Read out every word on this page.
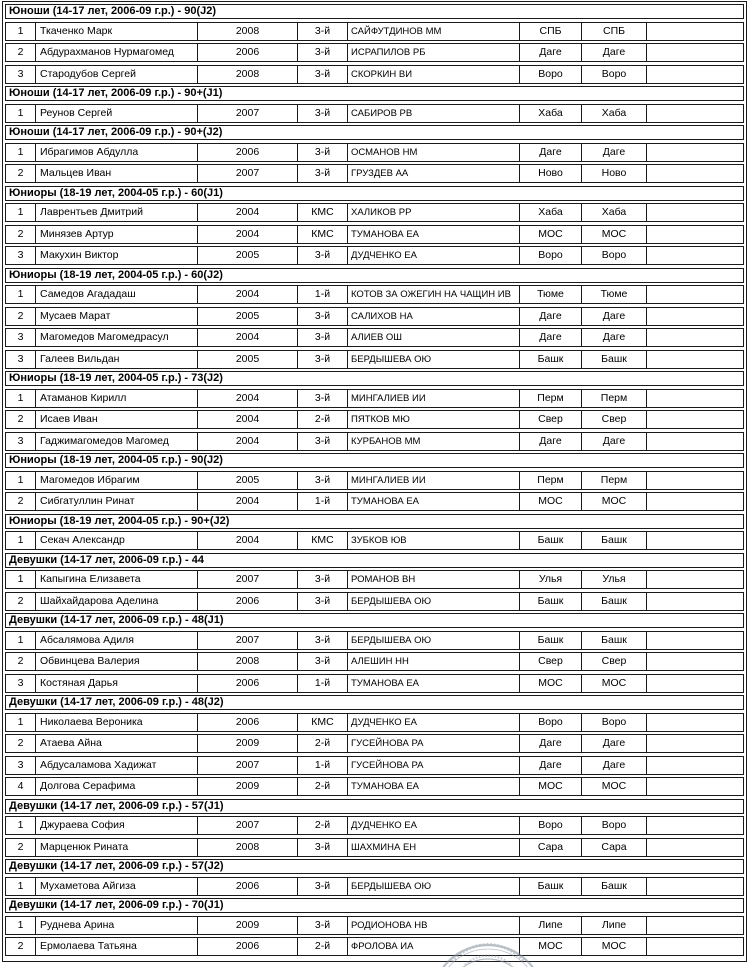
Юноши (14-17 лет, 2006-09 г.р.) - 90(J2)
1	Ткаченко Марк	2008	3-й	САЙФУТДИНОВ ММ	СПБ	СПБ
2	Абдурахманов Нурмагомед	2006	3-й	ИСРАПИЛОВ РБ	Даге	Даге
3	Стародубов Сергей	2008	3-й	СКОРКИН ВИ	Воро	Воро
Юноши (14-17 лет, 2006-09 г.р.) - 90+(J1)
1	Реунов Сергей	2007	3-й	САБИРОВ РВ	Хаба	Хаба
Юноши (14-17 лет, 2006-09 г.р.) - 90+(J2)
1	Ибрагимов Абдулла	2006	3-й	ОСМАНОВ НМ	Даге	Даге
2	Мальцев Иван	2007	3-й	ГРУЗДЕВ АА	Ново	Ново
Юниоры (18-19 лет, 2004-05 г.р.) - 60(J1)
1	Лаврентьев Дмитрий	2004	КМС	ХАЛИКОВ РР	Хаба	Хаба
2	Минязев Артур	2004	КМС	ТУМАНОВА ЕА	МОС	МОС
3	Макухин Виктор	2005	3-й	ДУДЧЕНКО ЕА	Воро	Воро
Юниоры (18-19 лет, 2004-05 г.р.) - 60(J2)
1	Самедов Агададаш	2004	1-й	КОТОВ ЗА ОЖЕГИН НА ЧАЩИН ИВ	Тюме	Тюме
2	Мусаев Марат	2005	3-й	САЛИХОВ НА	Даге	Даге
3	Магомедов Магомедрасул	2004	3-й	АЛИЕВ ОШ	Даге	Даге
3	Галеев Вильдан	2005	3-й	БЕРДЫШЕВА ОЮ	Башк	Башк
Юниоры (18-19 лет, 2004-05 г.р.) - 73(J2)
1	Атаманов Кирилл	2004	3-й	МИНГАЛИЕВ ИИ	Перм	Перм
2	Исаев Иван	2004	2-й	ПЯТКОВ МЮ	Свер	Свер
3	Гаджимагомедов Магомед	2004	3-й	КУРБАНОВ ММ	Даге	Даге
Юниоры (18-19 лет, 2004-05 г.р.) - 90(J2)
1	Магомедов Ибрагим	2005	3-й	МИНГАЛИЕВ ИИ	Перм	Перм
2	Сибгатуллин Ринат	2004	1-й	ТУМАНОВА ЕА	МОС	МОС
Юниоры (18-19 лет, 2004-05 г.р.) - 90+(J2)
1	Секач Александр	2004	КМС	ЗУБКОВ ЮВ	Башк	Башк
Девушки (14-17 лет, 2006-09 г.р.) - 44
1	Капыгина Елизавета	2007	3-й	РОМАНОВ ВН	Улья	Улья
2	Шайхайдарова Аделина	2006	3-й	БЕРДЫШЕВА ОЮ	Башк	Башк
Девушки (14-17 лет, 2006-09 г.р.) - 48(J1)
1	Абсалямова Адиля	2007	3-й	БЕРДЫШЕВА ОЮ	Башк	Башк
2	Обвинцева Валерия	2008	3-й	АЛЕШИН НН	Свер	Свер
3	Костяная Дарья	2006	1-й	ТУМАНОВА ЕА	МОС	МОС
Девушки (14-17 лет, 2006-09 г.р.) - 48(J2)
1	Николаева Вероника	2006	КМС	ДУДЧЕНКО ЕА	Воро	Воро
2	Атаева Айна	2009	2-й	ГУСЕЙНОВА РА	Даге	Даге
3	Абдусаламова Хадижат	2007	1-й	ГУСЕЙНОВА РА	Даге	Даге
4	Долгова Серафима	2009	2-й	ТУМАНОВА ЕА	МОС	МОС
Девушки (14-17 лет, 2006-09 г.р.) - 57(J1)
1	Джураева София	2007	2-й	ДУДЧЕНКО ЕА	Воро	Воро
2	Марценюк Рината	2008	3-й	ШАХМИНА ЕН	Сара	Сара
Девушки (14-17 лет, 2006-09 г.р.) - 57(J2)
1	Мухаметова Айгиза	2006	3-й	БЕРДЫШЕВА ОЮ	Башк	Башк
Девушки (14-17 лет, 2006-09 г.р.) - 70(J1)
1	Руднева Арина	2009	3-й	РОДИОНОВА НВ	Липе	Липе
2	Ермолаева Татьяна	2006	2-й	ФРОЛОВА ИА	МОС	МОС
